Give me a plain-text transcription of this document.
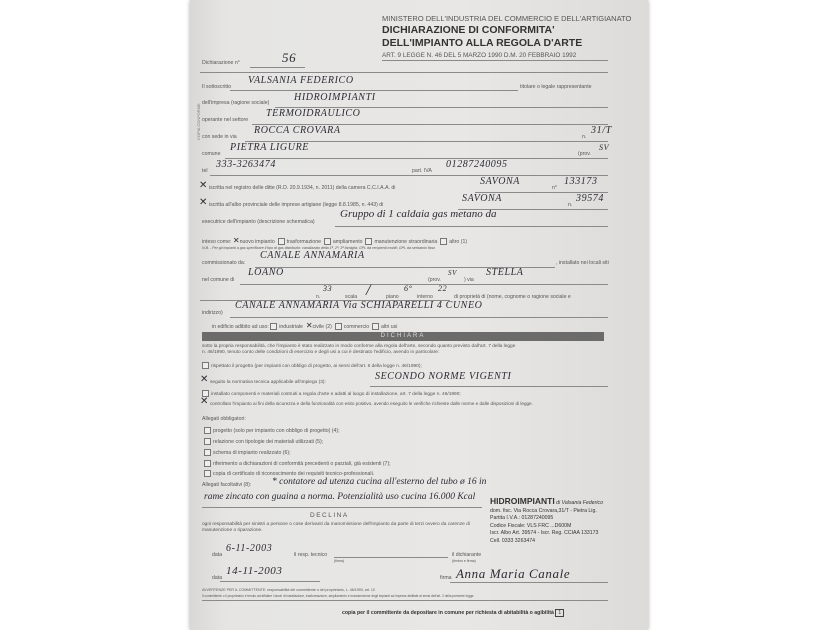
COPIA CONFORME
MINISTERO DELL'INDUSTRIA DEL COMMERCIO E DELL'ARTIGIANATO
DICHIARAZIONE DI CONFORMITA'
DELL'IMPIANTO ALLA REGOLA D'ARTE
ART. 9 LEGGE N. 46 DEL 5 MARZO 1990 D.M. 20 FEBBRAIO 1992
Dichiarazione n°	56
Il sottoscritto
VALSANIA FEDERICO
titolare o legale rappresentante
dell'impresa (ragione sociale) HIDROIMPIANTI
operante nel settore
TERMOIDRAULICO
con sede in via
ROCCA CROVARA
n.
31/T
comune
PIETRA LIGURE
(prov.
SV
tel
333-3263474
part. IVA
01287240095
✕ iscritta nel registro delle ditte (R.D. 20.9.1934, n. 2011) della camera C.C.I.A.A. di
SAVONA
n°
133173
✕ iscritta all'albo provinciale delle imprese artigiane (legge 8.8.1985, n. 443) di
SAVONA
n.
39574
esecutrice dell'impianto (descrizione schematica)
Gruppo di 1 caldaia gas metano da
inteso come: ✕nuovo impianto trasformazione ampliamento manutenzione straordinaria altro (1)
N.B. - Per gli impianti a gas specificare il tipo di gas distribuito: canalizzato della 1ª, 2ª, 3ª famiglia; GPL da recipienti mobili; GPL da serbatoio fisso
commissionato da:
CANALE ANNAMARIA
, installato nei locali siti
nel comune di
LOANO
(prov.
SV
) via
STELLA
n.
33
scala /	piano
6°
interno
22
di proprietà di (nome, cognome o ragione sociale e
indirizzo)
CANALE ANNAMARIA Via SCHIAPARELLI 4 CUNEO
in edificio adibito ad uso: industriale ✕civile (2) commercio altri usi
DICHIARA
sotto la propria responsabilità, che l'impianto è stato realizzato in modo conforme alla regola dell'arte, secondo quanto previsto dall'art. 7 della legge
n. 46/1990, tenuto conto delle condizioni di esercizio e degli usi a cui è destinato l'edificio, avendo in particolare:
rispettato il progetto (per impianti con obbligo di progetto, ai sensi dell'art. 6 della legge n. 46/1990);
✕ seguito la normativa tecnica applicabile all'impiego (3):
SECONDO NORME VIGENTI
installato componenti e materiali costruiti a regola d'arte e adatti al luogo di installazione, art. 7 della legge n. 46/1990;
✕ controllato l'impianto ai fini della sicurezza e della funzionalità con esito positivo, avendo eseguito le verifiche richieste dalle norme e dalle disposizioni di legge.
Allegati obbligatori:
progetto (solo per impianto con obbligo di progetto) (4);
relazione con tipologie dei materiali utilizzati (5);
schema di impianto realizzato (6);
riferimento a dichiarazioni di conformità precedenti o parziali, già esistenti (7);
copia di certificato di riconoscimento dei requisiti tecnico-professionali.
Allegati facoltativi (8): * contatore ad utenza cucina all'esterno del tubo ø 16 in
rame zincato con guaina a norma. Potenzialità uso cucina 16.000 Kcal
DECLINA
ogni responsabilità per sinistri a persone o cose derivanti da manomissione dell'impianto da parte di terzi ovvero da carenze di manutenzione o riparazione.
HIDROIMPIANTI di Valsania Federico
dom. fisc. Via Rocca Crovara,31/T - Pietra Lig.
Partita I.V.A.: 01287240095
Codice Fiscale: VLS FRC ...D600M
Iscr. Albo Art. 39574 - Iscr. Reg. CCIAA 133173
Cell. 0333 3263474
data
6-11-2003
il resp. tecnico
(firma)
il dichiarante
(timbro e firma)
data
14-11-2003
firma Anna Maria Canale
AVVERTENZE PER IL COMMITTENTE: responsabilità del committente o del proprietario, L. 46/1990, art. 10
Il committente o il proprietario è tenuto ad affidare i lavori di installazione, trasformazione, ampliamento e manutenzione degli impianti ad imprese abilitate ai sensi dell'art. 2 della presente legge.
copia per il committente da depositare in comune per richiesta di abitabilità o agibilità 1
